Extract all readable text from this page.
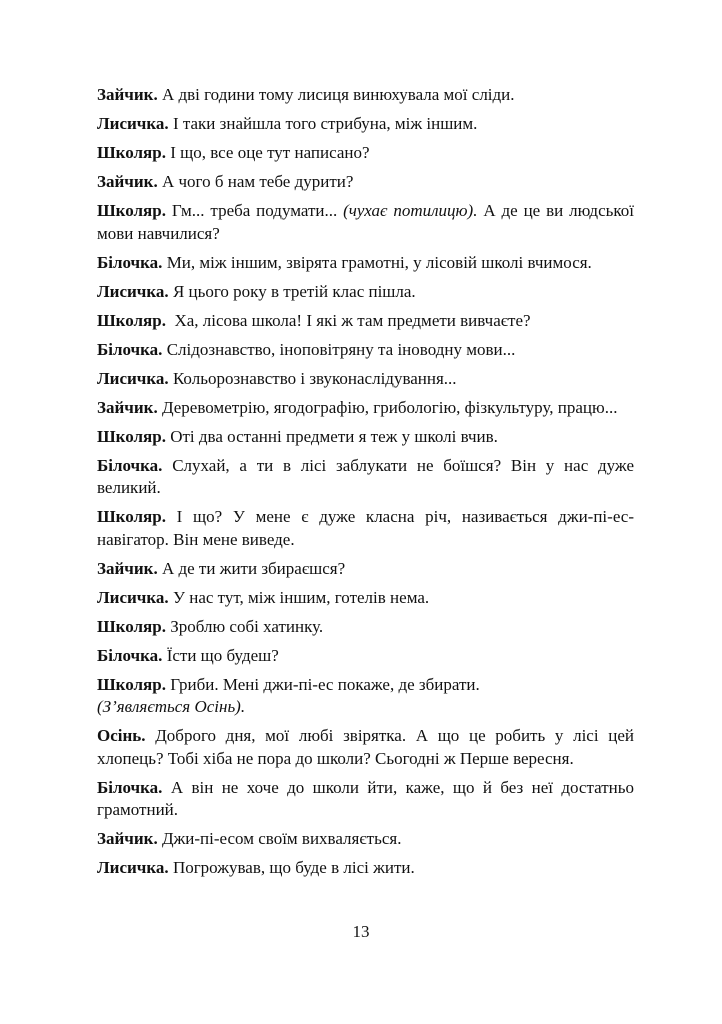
Зайчик. А дві години тому лисиця винюхувала мої сліди.

Лисичка. І таки знайшла того стрибуна, між іншим.

Школяр. І що, все оце тут написано?

Зайчик. А чого б нам тебе дурити?

Школяр. Гм... треба подумати... (чухає потилицю). А де це ви людської мови навчилися?

Білочка. Ми, між іншим, звірята грамотні, у лісовій школі вчимося.

Лисичка. Я цього року в третій клас пішла.

Школяр.  Ха, лісова школа! І які ж там предмети вивчаєте?

Білочка. Слідознавство, іноповітряну та іноводну мови...

Лисичка. Кольорознавство і звуконаслідування...

Зайчик. Деревометрію, ягодографію, грибологію, фізкультуру, працю...

Школяр. Оті два останні предмети я теж у школі вчив.

Білочка. Слухай, а ти в лісі заблукати не боїшся? Він у нас дуже великий.

Школяр. І що? У мене є дуже класна річ, називається джи-пі-ес-навігатор. Він мене виведе.

Зайчик. А де ти жити збираєшся?

Лисичка. У нас тут, між іншим, готелів нема.

Школяр. Зроблю собі хатинку.

Білочка. Їсти що будеш?

Школяр. Гриби. Мені джи-пі-ес покаже, де збирати.

(З’являється Осінь).

Осінь. Доброго дня, мої любі звірятка. А що це робить у лісі цей хлопець? Тобі хіба не пора до школи? Сьогодні ж Перше вересня.

Білочка. А він не хоче до школи йти, каже, що й без неї достатньо грамотний.

Зайчик. Джи-пі-есом своїм вихваляється.

Лисичка. Погрожував, що буде в лісі жити.

13
